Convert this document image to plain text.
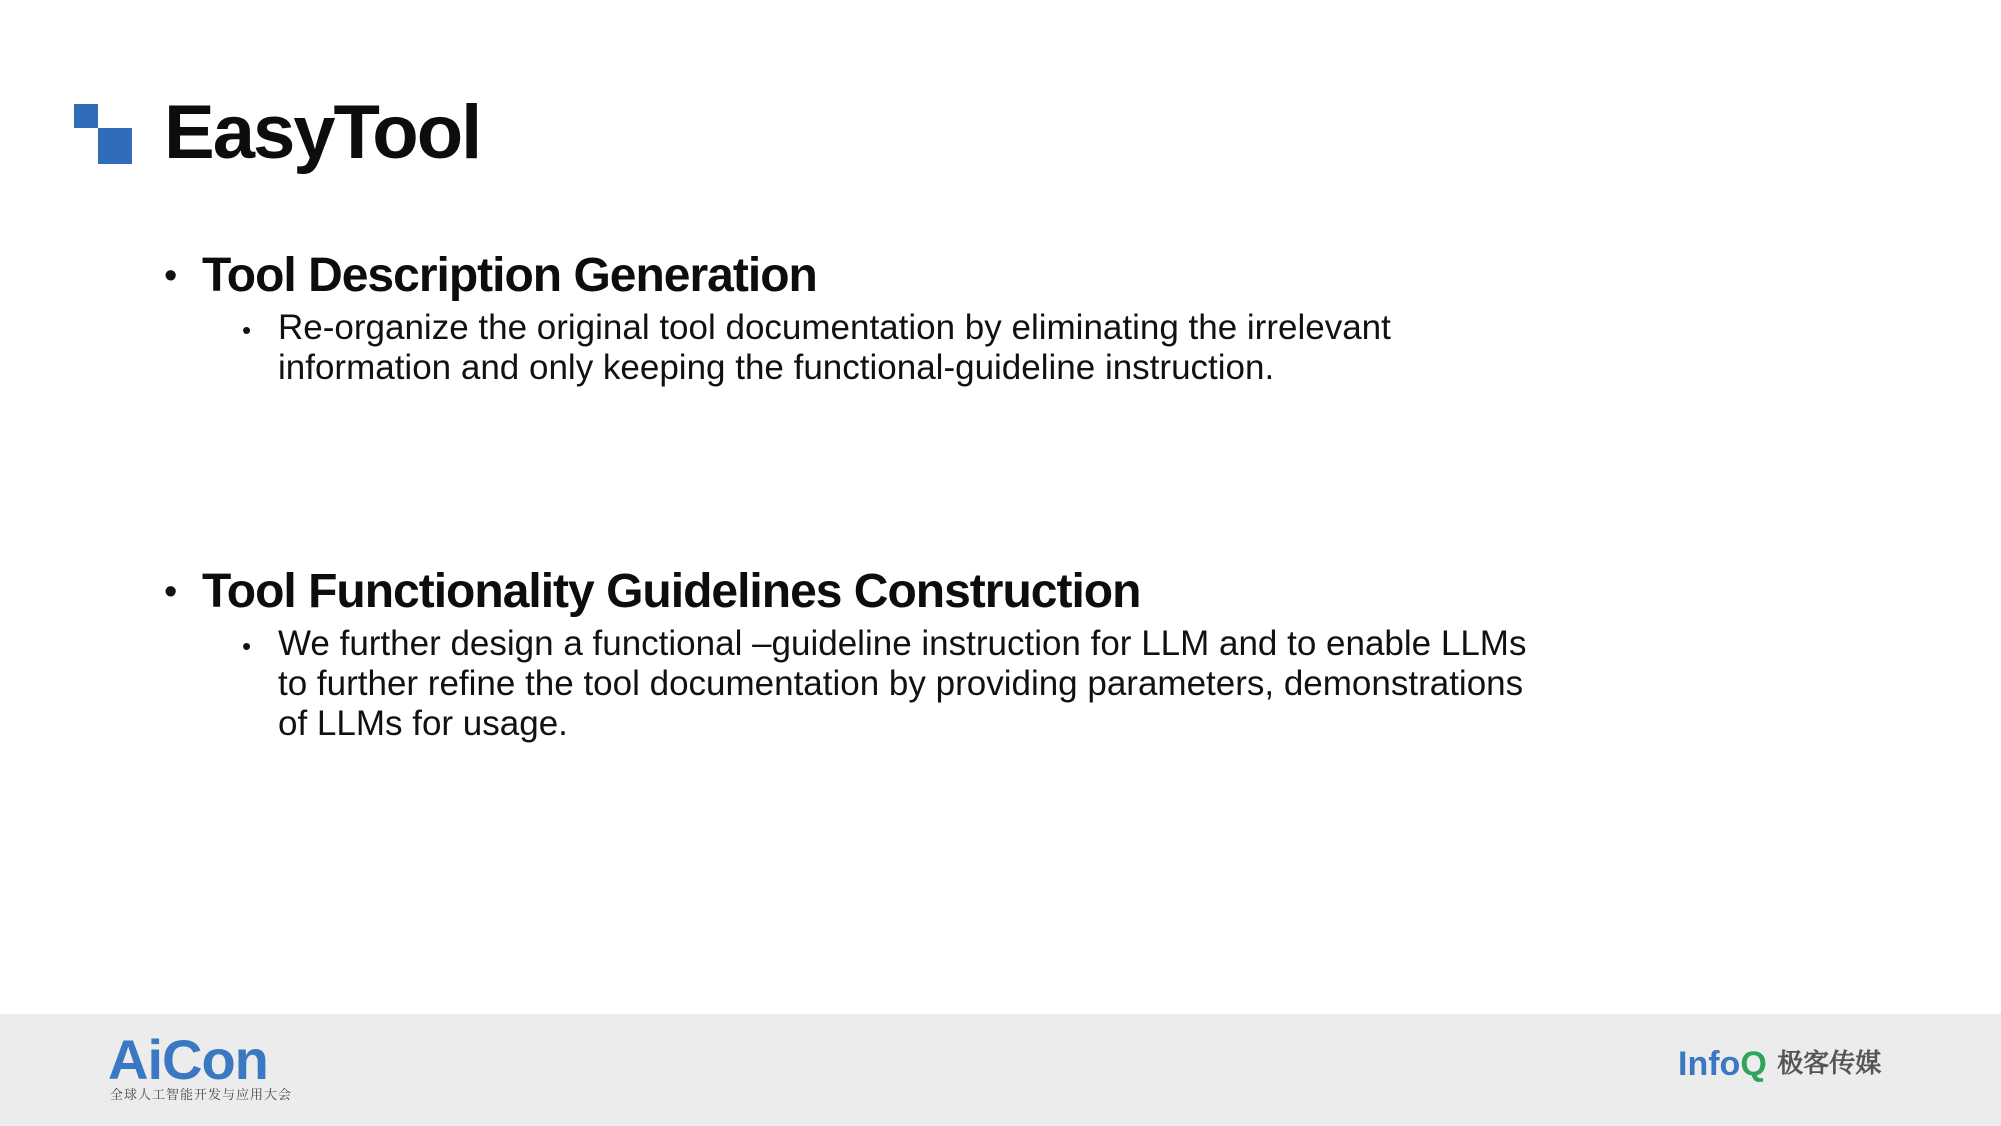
EasyTool
• Tool Description Generation
• Re-organize the original tool documentation by eliminating the irrelevant
information and only keeping the functional-guideline instruction.
• Tool Functionality Guidelines Construction
• We further design a functional –guideline instruction for LLM and to enable LLMs
to further refine the tool documentation by providing parameters, demonstrations
of LLMs for usage.
AiCon
全球人工智能开发与应用大会
InfoQ 极客传媒
